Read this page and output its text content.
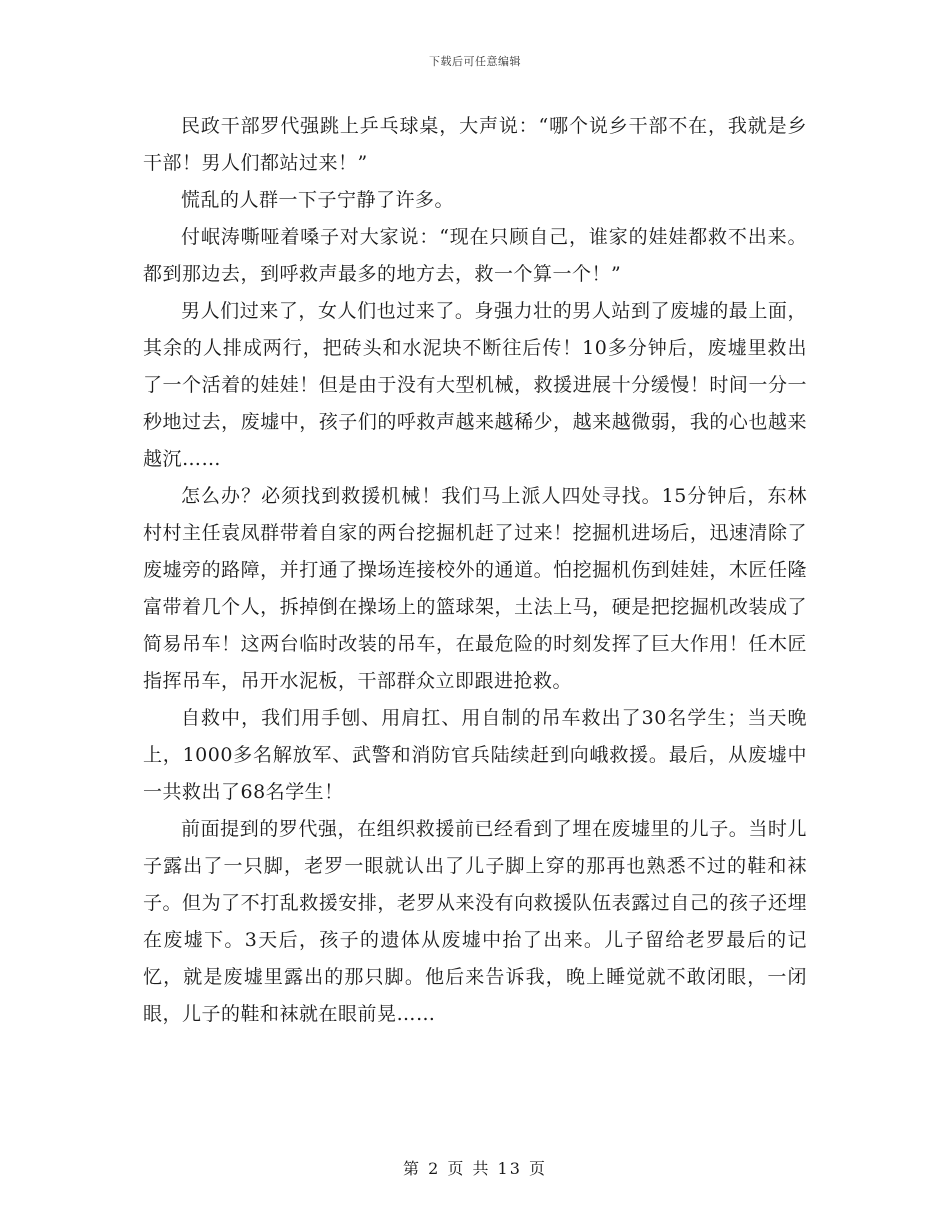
下载后可任意编辑

民政干部罗代强跳上乒乓球桌，大声说：“哪个说乡干部不在，我就是乡干部！男人们都站过来！”

慌乱的人群一下子宁静了许多。

付岷涛嘶哑着嗓子对大家说：“现在只顾自己，谁家的娃娃都救不出来。都到那边去，到呼救声最多的地方去，救一个算一个！”

男人们过来了，女人们也过来了。身强力壮的男人站到了废墟的最上面，其余的人排成两行，把砖头和水泥块不断往后传！10多分钟后，废墟里救出了一个活着的娃娃！但是由于没有大型机械，救援进展十分缓慢！时间一分一秒地过去，废墟中，孩子们的呼救声越来越稀少，越来越微弱，我的心也越来越沉……

怎么办？必须找到救援机械！我们马上派人四处寻找。15分钟后，东林村村主任袁凤群带着自家的两台挖掘机赶了过来！挖掘机进场后，迅速清除了废墟旁的路障，并打通了操场连接校外的通道。怕挖掘机伤到娃娃，木匠任隆富带着几个人，拆掉倒在操场上的篮球架，土法上马，硬是把挖掘机改装成了简易吊车！这两台临时改装的吊车，在最危险的时刻发挥了巨大作用！任木匠指挥吊车，吊开水泥板，干部群众立即跟进抢救。

自救中，我们用手刨、用肩扛、用自制的吊车救出了30名学生；当天晚上，1000多名解放军、武警和消防官兵陆续赶到向峨救援。最后，从废墟中一共救出了68名学生！

前面提到的罗代强，在组织救援前已经看到了埋在废墟里的儿子。当时儿子露出了一只脚，老罗一眼就认出了儿子脚上穿的那再也熟悉不过的鞋和袜子。但为了不打乱救援安排，老罗从来没有向救援队伍表露过自己的孩子还埋在废墟下。3天后，孩子的遗体从废墟中抬了出来。儿子留给老罗最后的记忆，就是废墟里露出的那只脚。他后来告诉我，晚上睡觉就不敢闭眼，一闭眼，儿子的鞋和袜就在眼前晃……

第 2 页 共 13 页
